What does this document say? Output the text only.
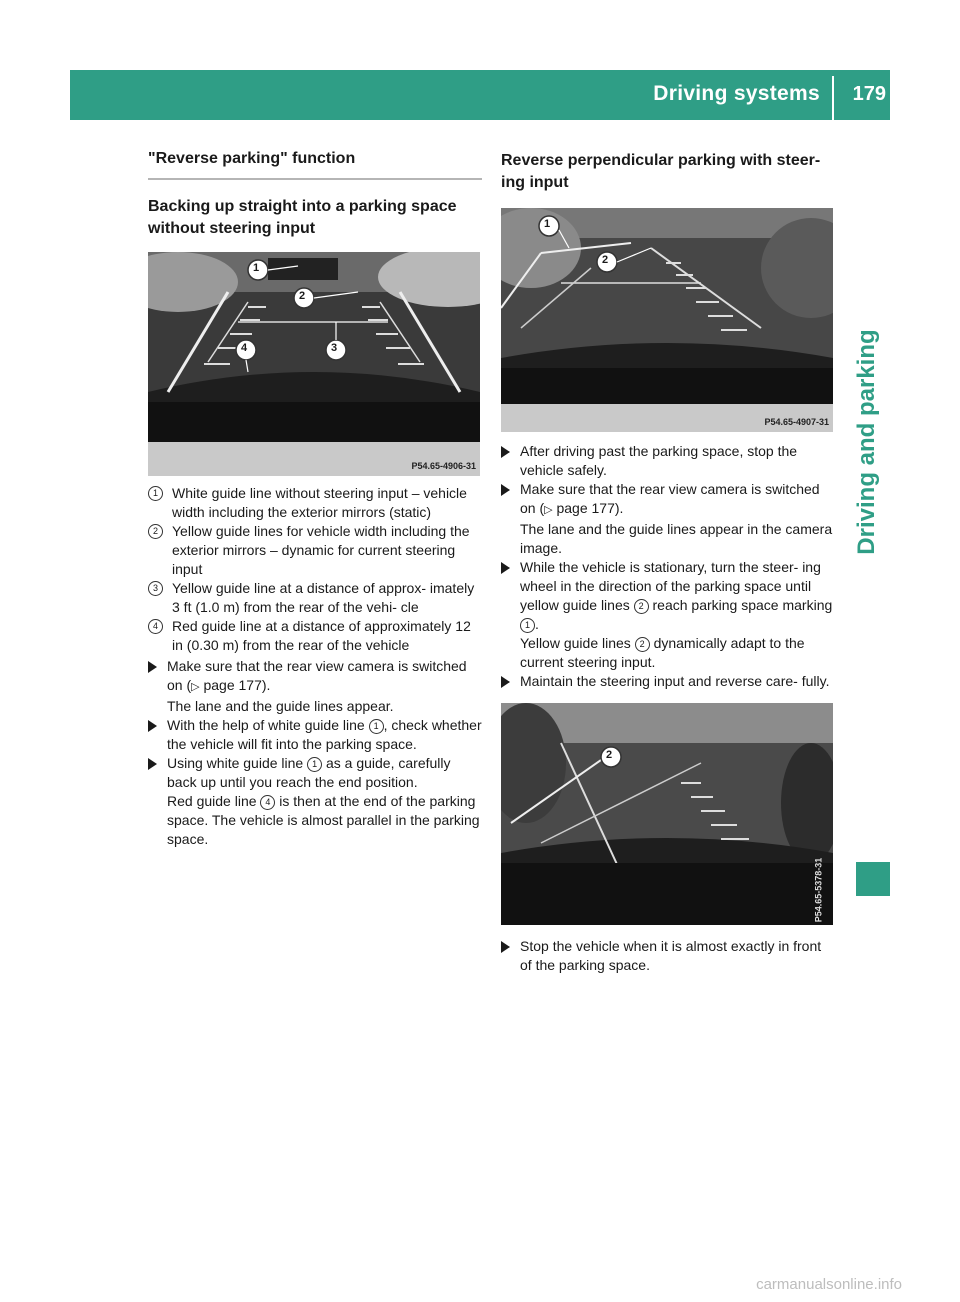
Driving systems 179
Driving and parking
"Reverse parking" function
Backing up straight into a parking space without steering input
1
2
3
4
P54.65-4906-31

1	White guide line without steering input – vehicle width including the exterior mirrors (static)

2	Yellow guide lines for vehicle width including the exterior mirrors – dynamic for current steering input

3	Yellow guide line at a distance of approx‐ imately 3 ft (1.0 m) from the rear of the vehi‐ cle

4	Red guide line at a distance of approximately 12 in (0.30 m) from the rear of the vehicle

Make sure that the rear view camera is switched on (▷ page 177).
The lane and the guide lines appear.

With the help of white guide line 1 , check whether the vehicle will fit into the parking space.

Using white guide line 1 as a guide, carefully back up until you reach the end position.
Red guide line 4 is then at the end of the parking space. The vehicle is almost parallel in the parking space.

Reverse perpendicular parking with steer‐ ing input
1
2
P54.65-4907-31

After driving past the parking space, stop the vehicle safely.

Make sure that the rear view camera is switched on (▷ page 177).
The lane and the guide lines appear in the camera image.

While the vehicle is stationary, turn the steer‐ ing wheel in the direction of the parking space until yellow guide lines 2 reach parking space marking 1 .
Yellow guide lines 2 dynamically adapt to the current steering input.

Maintain the steering input and reverse care‐ fully.

2
P54.65-5378-31

Stop the vehicle when it is almost exactly in front of the parking space.

carmanualsonline.info
